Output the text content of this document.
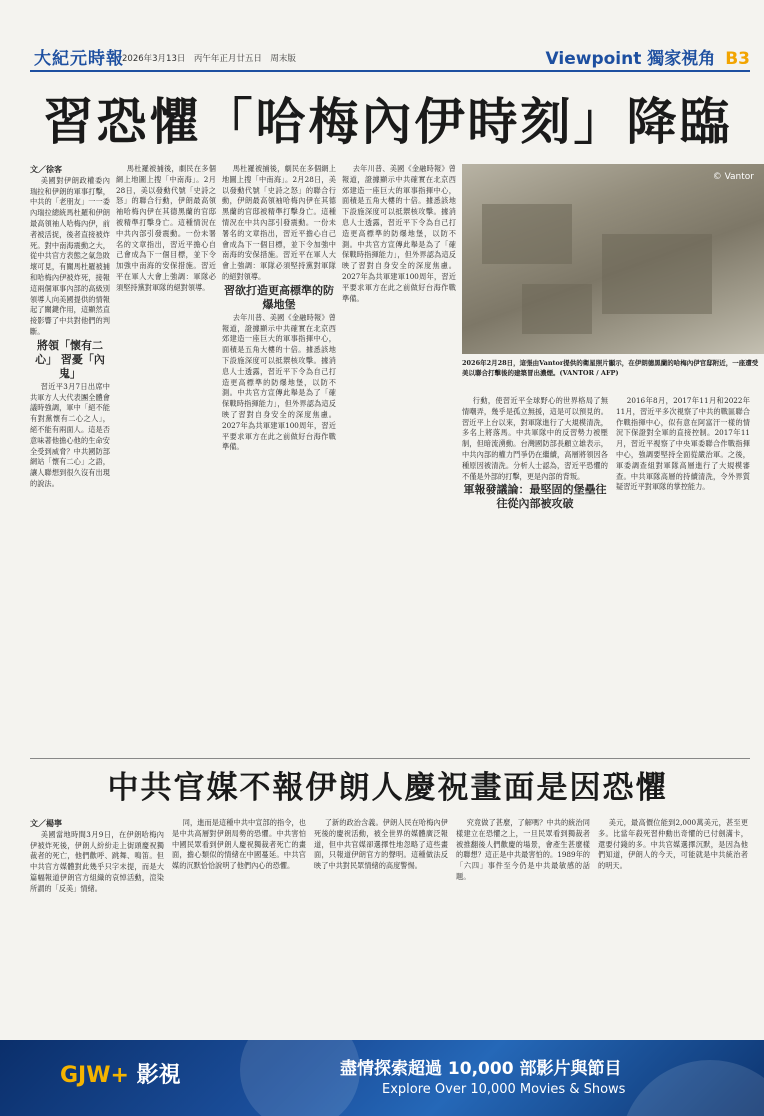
大紀元時報
2026年3月13日　丙午年正月廿五日　周末版	Viewpoint 獨家視角 B3
習恐懼「哈梅內伊時刻」降臨

文／徐客

美國對伊朗政權委內瑞拉和伊朗的軍事打擊，中共的「老朋友」一一委內瑞拉總統馬杜羅和伊朗最高領袖人哈梅內伊，前者被活捉，後者直接被炸死。對中南海震動之大，從中共官方表態之氣急敗壞可見，有關馬杜羅被捕和哈梅內伊被炸死，接報這兩個軍事內部的高級別領導人向美國提供的情報起了關鍵作用，這顯然直接影響了中共對他們的判斷。

將領「懷有二心」 習憂「內鬼」

習近平3月7日出席中共軍方人大代表團全體會議時強調，軍中「絕不能有對黨懷有二心之人」，絕不能有兩面人。這是否意味著他擔心他的生命安全受到威脅？中共國防部網站「懷有二心」之語，讓人聯想到很久沒有出現的說法。

馬杜羅被捕後，劇民在多個網上地圖上搜「中南海」。2月28日，美以發動代號「史詩之怒」的聯合行動，伊朗最高領袖哈梅內伊在其德黑蘭的官邸被精準打擊身亡。這種情況在中共內部引發震動。一份未署名的文章指出，習近平擔心自己會成為下一個目標，並下令加強中南海的安保措施。習近平在軍人大會上強調：軍隊必須堅持黨對軍隊的絕對領導。

馬杜羅被捕後，劇民在多個網上地圖上搜「中南海」。2月28日，美以發動代號「史詩之怒」的聯合行動，伊朗最高領袖哈梅內伊在其德黑蘭的官邸被精準打擊身亡。這種情況在中共內部引發震動。一份未署名的文章指出，習近平擔心自己會成為下一個目標，並下令加強中南海的安保措施。習近平在軍人大會上強調：軍隊必須堅持黨對軍隊的絕對領導。

習欲打造更高標準的防爆地堡

去年川普、美國《金融時報》曾報道，證據顯示中共確實在北京西郊建造一座巨大的軍事指揮中心，面積是五角大樓的十倍。據悉該地下設施深度可以抵禦核攻擊。據消息人士透露，習近平下令為自己打造更高標準的防爆地堡，以防不測。中共官方宣傳此舉是為了「確保戰時指揮能力」，但外界認為這反映了習對自身安全的深度焦慮。2027年為共軍建軍100周年，習近平要求軍方在此之前做好台海作戰準備。

去年川普、美國《金融時報》曾報道，證據顯示中共確實在北京西郊建造一座巨大的軍事指揮中心，面積是五角大樓的十倍。據悉該地下設施深度可以抵禦核攻擊。據消息人士透露，習近平下令為自己打造更高標準的防爆地堡，以防不測。中共官方宣傳此舉是為了「確保戰時指揮能力」，但外界認為這反映了習對自身安全的深度焦慮。2027年為共軍建軍100周年，習近平要求軍方在此之前做好台海作戰準備。

© Vantor
2026年2月28日，這張由Vantor提供的衛星照片顯示，在伊朗德黑蘭的哈梅內伊官邸附近，一座遭受美以聯合打擊後的建築冒出濃煙。(VANTOR / AFP)

行動，使習近平全球野心的世界格局了無情嘲弄，幾乎是孤立無援，這是可以預見的。習近平上台以來，對軍隊進行了大規模清洗，多名上將落馬。中共軍隊中的反習勢力被壓制，但暗流湧動。台灣國防部長顧立雄表示，中共內部的權力鬥爭仍在繼續，高層將領因各種原因被清洗。分析人士認為，習近平恐懼的不僅是外部的打擊，更是內部的背叛。

軍報發議論：最堅固的堡壘往往從內部被攻破

2016年8月，2017年11月和2022年11月，習近平多次視察了中共的戰區聯合作戰指揮中心，似有意在阿富汗一樣的情況下保證對全軍的直接控制。2017年11月，習近平視察了中央軍委聯合作戰指揮中心，強調要堅持全面從嚴治軍。之後，軍委調查組對軍隊高層進行了大規模審查。中共軍隊高層的持續清洗，令外界質疑習近平對軍隊的掌控能力。

中共官媒不報伊朗人慶祝畫面是因恐懼

文／楊寧

美國當地時間3月9日，在伊朗哈梅內伊被炸死後，伊朗人紛紛走上街頭慶祝獨裁者的死亡，他們歡呼、跳舞、鳴笛。但中共官方媒體對此幾乎只字未提，而是大篇幅報道伊朗官方組織的哀悼活動，渲染所謂的「反美」情緒。

同，進而是這種中共中宣部的指令，也是中共高層對伊朗局勢的恐懼。中共害怕中國民眾看到伊朗人慶祝獨裁者死亡的畫面，擔心類似的情緒在中國蔓延。中共官媒的沉默恰恰說明了他們內心的恐懼。

了新的政治含義。伊朗人民在哈梅內伊死後的慶祝活動，被全世界的媒體廣泛報道，但中共官媒卻選擇性地忽略了這些畫面，只報道伊朗官方的聲明。這種做法反映了中共對民眾情緒的高度警惕。

究竟做了甚麼，了解嗎？中共的統治同樣建立在恐懼之上，一旦民眾看到獨裁者被推翻後人們歡慶的場景，會產生甚麼樣的聯想？這正是中共最害怕的。1989年的「六四」事件至今仍是中共最敏感的話題。

美元，最高價位能到2,000萬美元，甚至更多。比當年殺死習仲勳出奇懼的已付劍滿卡，還要付錢的多。中共官媒選擇沉默，是因為他們知道，伊朗人的今天，可能就是中共統治者的明天。

GJW+ 影視	盡情探索超過 10,000 部影片與節目
Explore Over 10,000 Movies & Shows
